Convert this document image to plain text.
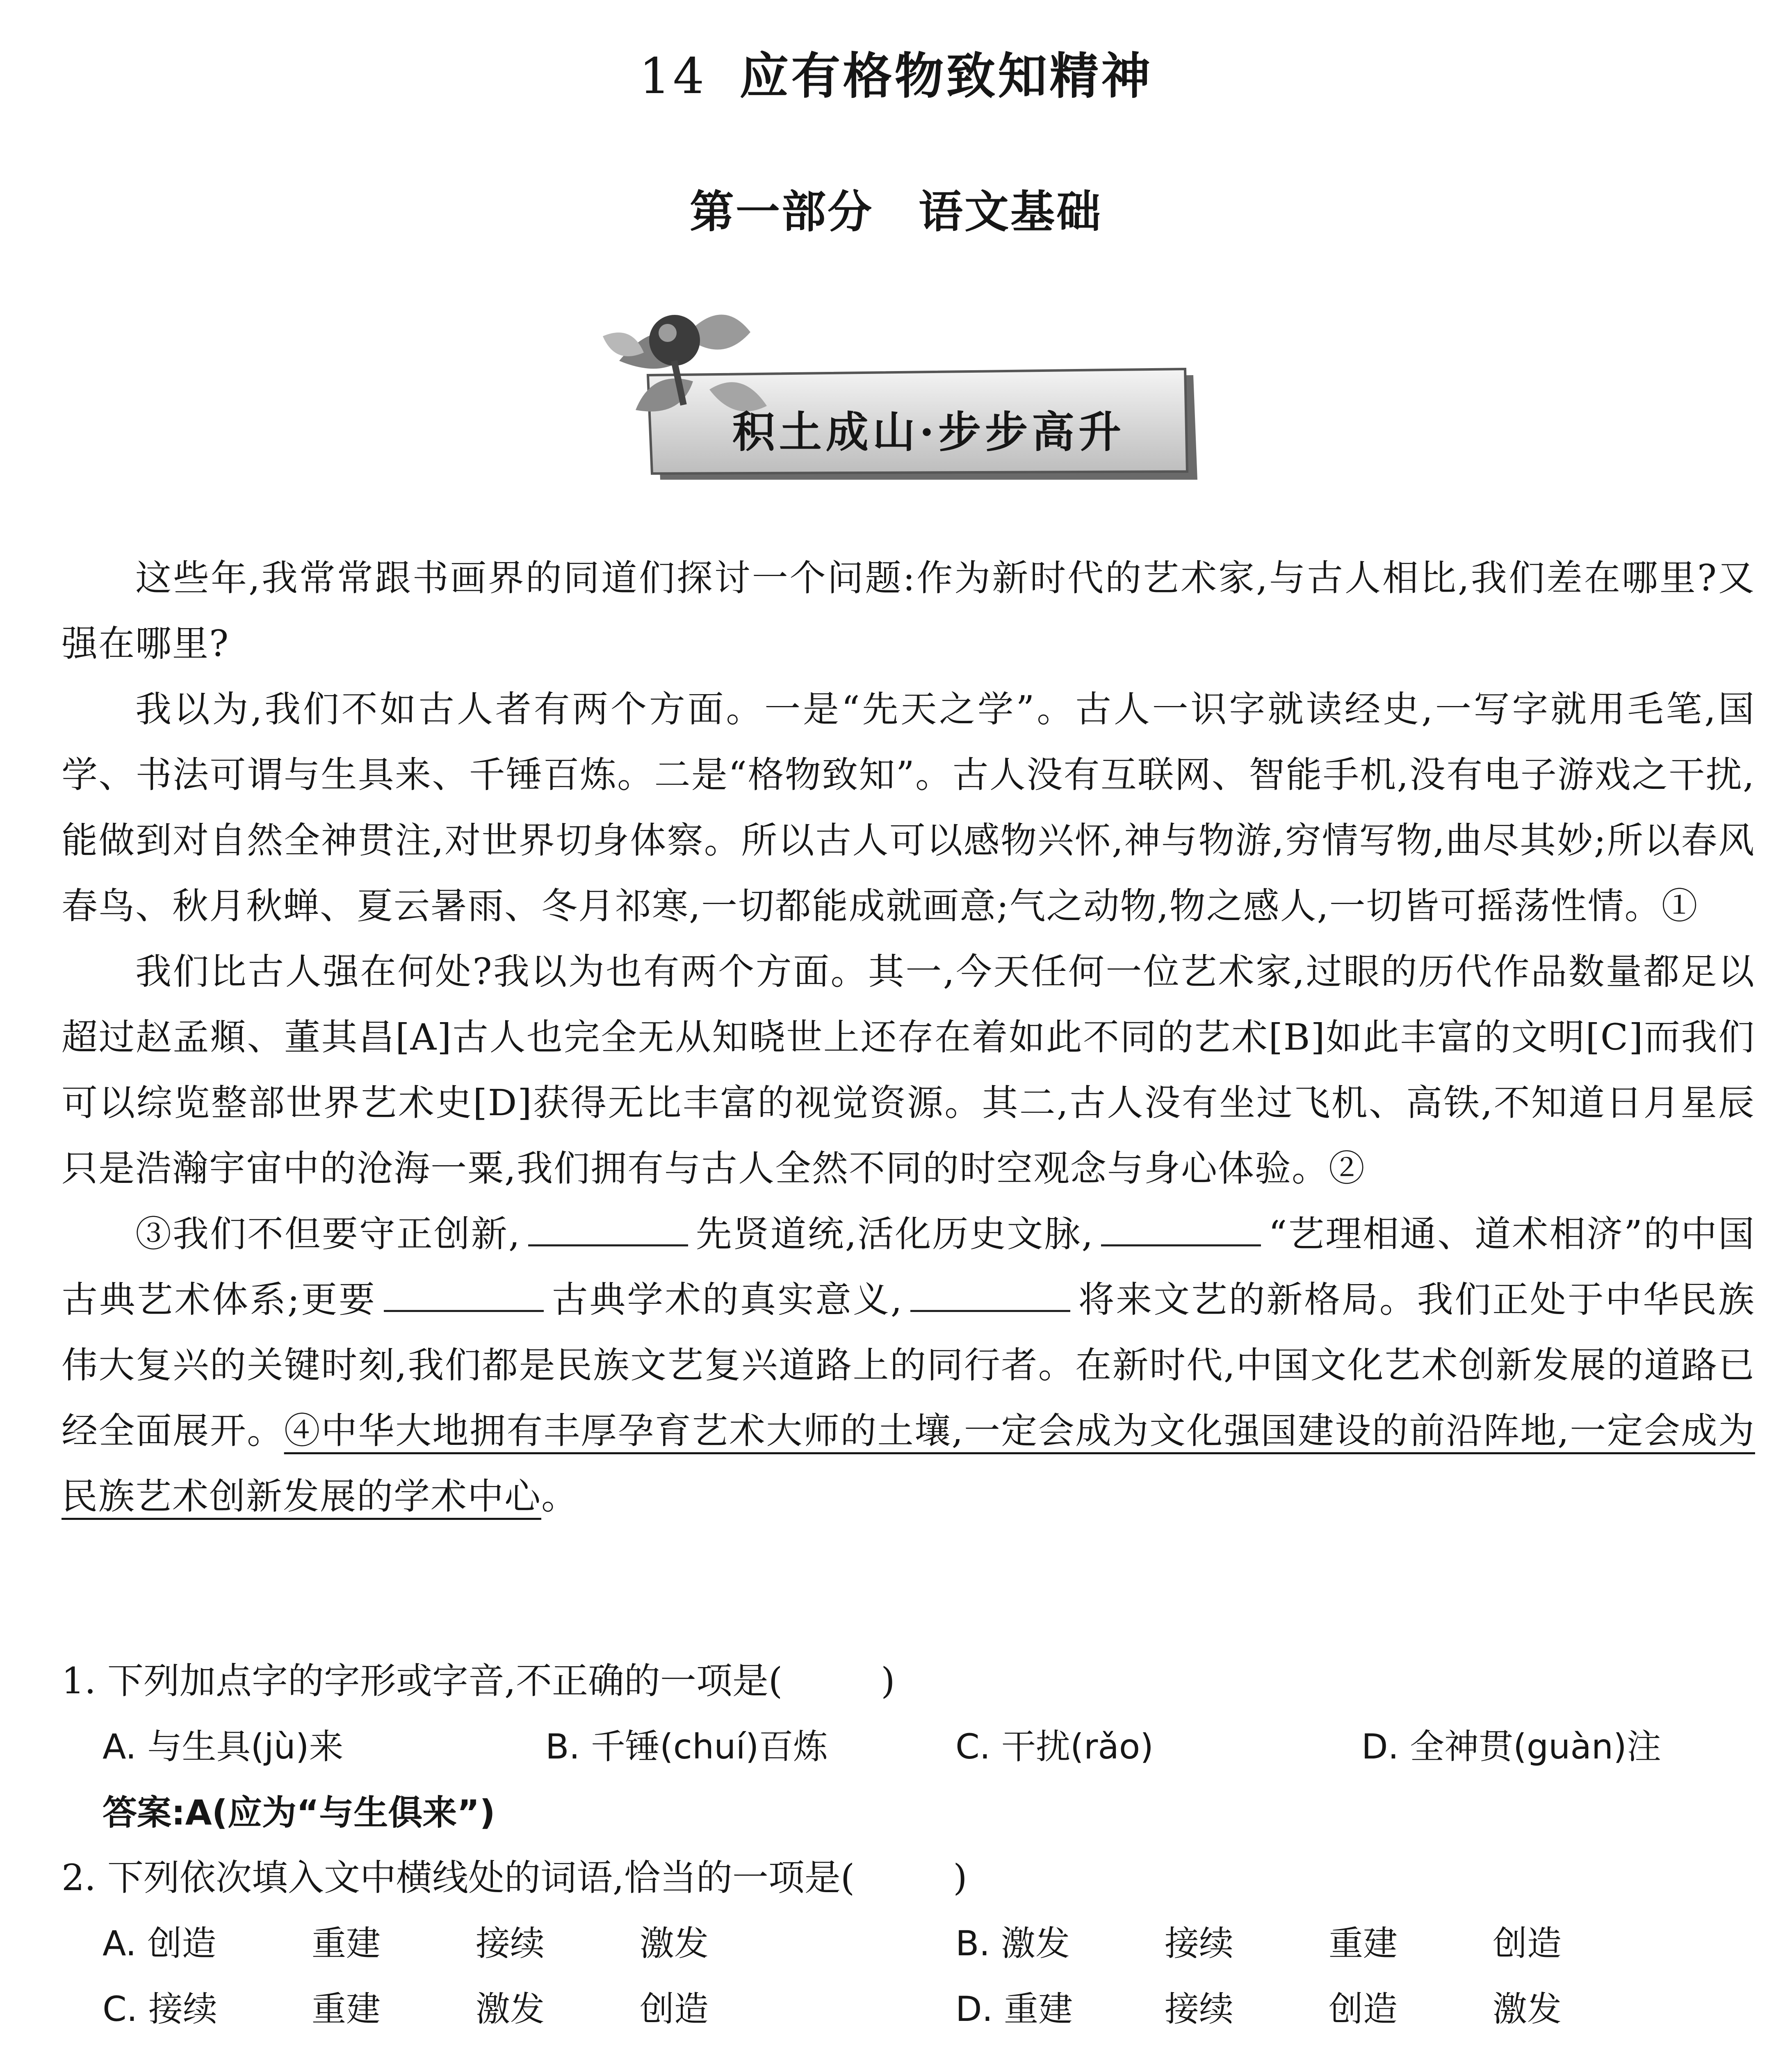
14 应有格物致知精神
第一部分 语文基础
积土成山·步步高升

这些年,我常常跟书画界的同道们探讨一个问题:作为新时代的艺术家,与古人相比,我们差在哪里?又强在哪里?

我以为,我们不如古人者有两个方面。一是“先天之学”。古人一识字就读经史,一写字就用毛笔,国学、书法可谓与生具来、千锤百炼。二是“格物致知”。古人没有互联网、智能手机,没有电子游戏之干扰,能做到对自然全神贯注,对世界切身体察。所以古人可以感物兴怀,神与物游,穷情写物,曲尽其妙;所以春风春鸟、秋月秋蝉、夏云暑雨、冬月祁寒,一切都能成就画意;气之动物,物之感人,一切皆可摇荡性情。①

我们比古人强在何处?我以为也有两个方面。其一,今天任何一位艺术家,过眼的历代作品数量都足以超过赵孟頫、董其昌[A]古人也完全无从知晓世上还存在着如此不同的艺术[B]如此丰富的文明[C]而我们可以综览整部世界艺术史[D]获得无比丰富的视觉资源。其二,古人没有坐过飞机、高铁,不知道日月星辰只是浩瀚宇宙中的沧海一粟,我们拥有与古人全然不同的时空观念与身心体验。②

③我们不但要守正创新,	先贤道统,活化历史文脉,	“艺理相通、道术相济”的中国古典艺术体系;更要	古典学术的真实意义,	将来文艺的新格局。我们正处于中华民族伟大复兴的关键时刻,我们都是民族文艺复兴道路上的同行者。在新时代,中国文化艺术创新发展的道路已经全面展开。④中华大地拥有丰厚孕育艺术大师的土壤,一定会成为文化强国建设的前沿阵地,一定会成为民族艺术创新发展的学术中心。

1. 下列加点字的字形或字音,不正确的一项是(	)
A. 与生具(jù)来	B. 千锤(chuí)百炼	C. 干扰(rǎo)	D. 全神贯(guàn)注
答案:A(应为“与生俱来”)
2. 下列依次填入文中横线处的词语,恰当的一项是(	)
A. 创造	重建	接续	激发	B. 激发	接续	重建	创造
C. 接续	重建	激发	创造	D. 重建	接续	创造	激发
